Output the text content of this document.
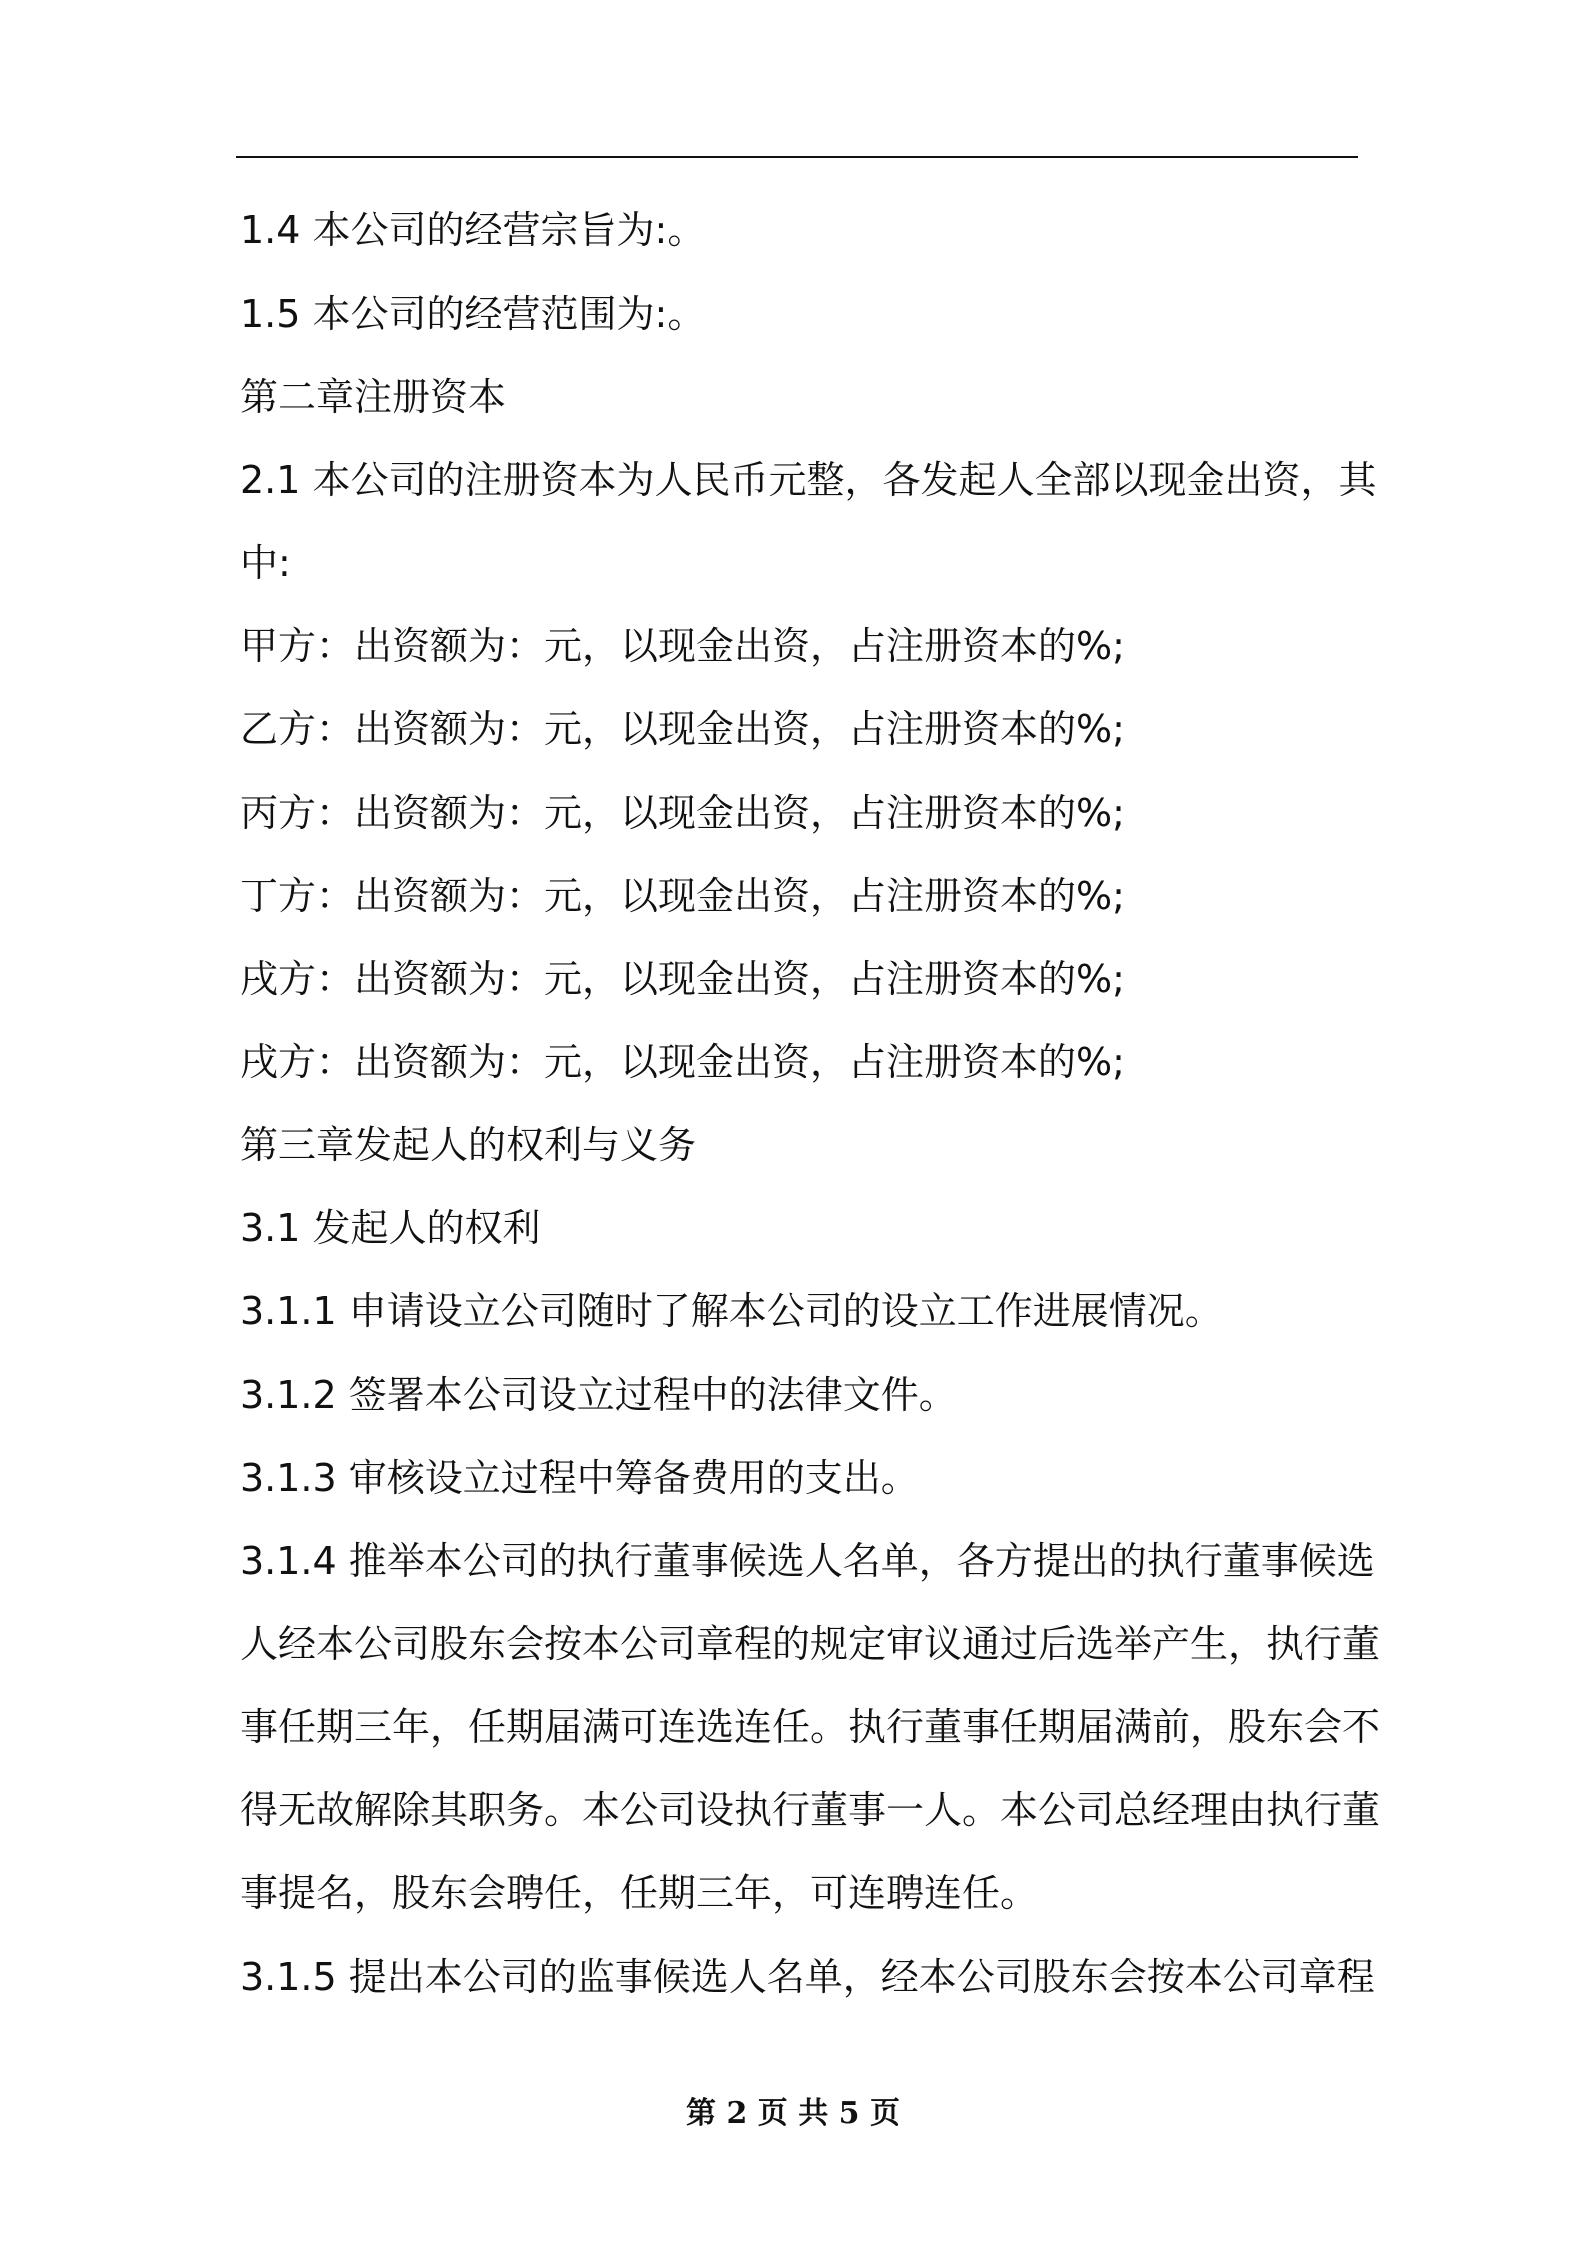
1.4 本公司的经营宗旨为:。
1.5 本公司的经营范围为:。
第二章注册资本
2.1 本公司的注册资本为人民币元整，各发起人全部以现金出资，其
中:
甲方：出资额为：元，以现金出资，占注册资本的%;
乙方：出资额为：元，以现金出资，占注册资本的%;
丙方：出资额为：元，以现金出资，占注册资本的%;
丁方：出资额为：元，以现金出资，占注册资本的%;
戌方：出资额为：元，以现金出资，占注册资本的%;
戌方：出资额为：元，以现金出资，占注册资本的%;
第三章发起人的权利与义务
3.1 发起人的权利
3.1.1 申请设立公司随时了解本公司的设立工作进展情况。
3.1.2 签署本公司设立过程中的法律文件。
3.1.3 审核设立过程中筹备费用的支出。
3.1.4 推举本公司的执行董事候选人名单，各方提出的执行董事候选
人经本公司股东会按本公司章程的规定审议通过后选举产生，执行董
事任期三年，任期届满可连选连任。执行董事任期届满前，股东会不
得无故解除其职务。本公司设执行董事一人。本公司总经理由执行董
事提名，股东会聘任，任期三年，可连聘连任。
3.1.5 提出本公司的监事候选人名单，经本公司股东会按本公司章程
第 2 页 共 5 页
